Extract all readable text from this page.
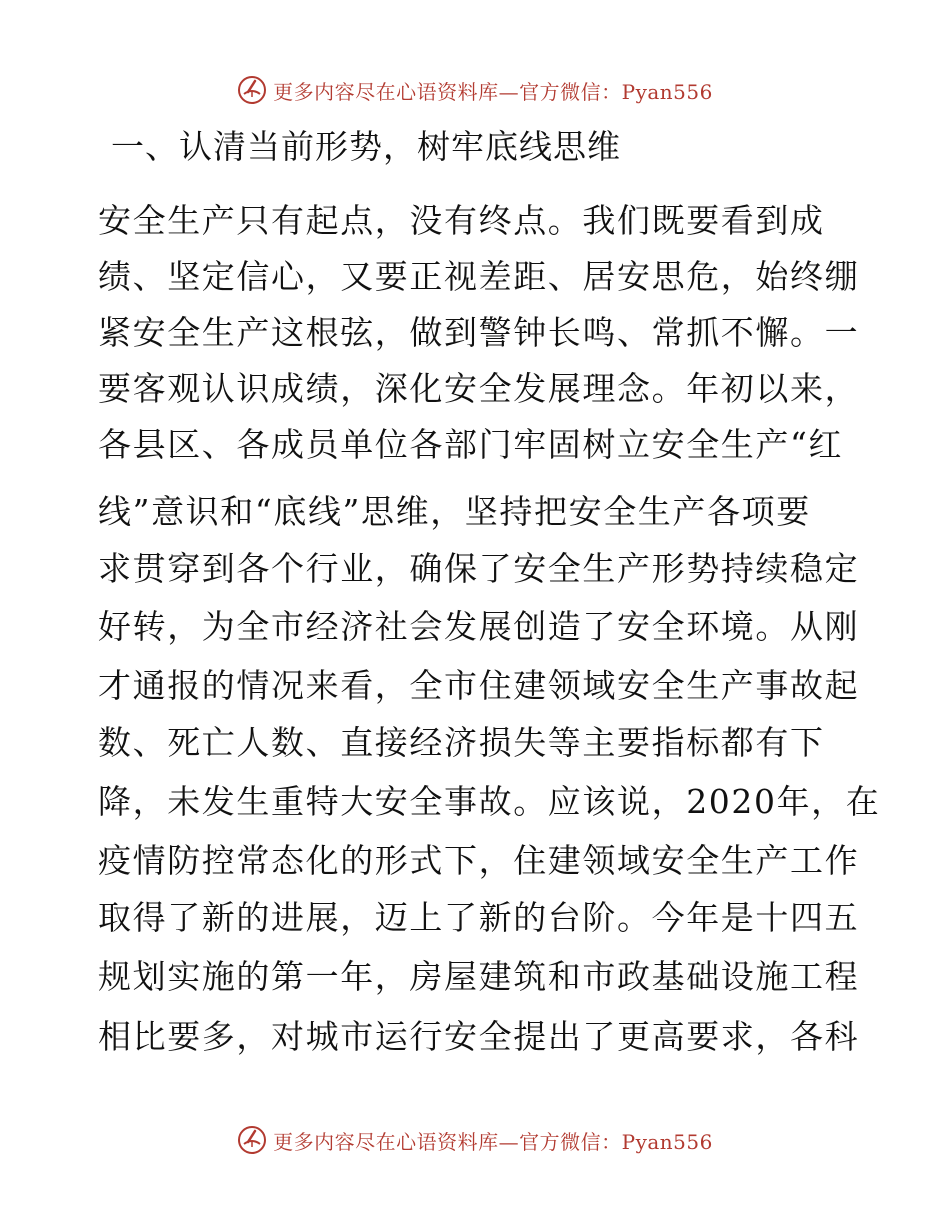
更多内容尽在心语资料库—官方微信：Pyan556
一、认清当前形势，树牢底线思维

安全生产只有起点，没有终点。我们既要看到成

绩、坚定信心，又要正视差距、居安思危，始终绷

紧安全生产这根弦，做到警钟长鸣、常抓不懈。一

要客观认识成绩，深化安全发展理念。年初以来，

各县区、各成员单位各部门牢固树立安全生产“红

线”意识和“底线”思维，坚持把安全生产各项要

求贯穿到各个行业，确保了安全生产形势持续稳定

好转，为全市经济社会发展创造了安全环境。从刚

才通报的情况来看，全市住建领域安全生产事故起

数、死亡人数、直接经济损失等主要指标都有下

降，未发生重特大安全事故。应该说，2020年，在

疫情防控常态化的形式下，住建领域安全生产工作

取得了新的进展，迈上了新的台阶。今年是十四五

规划实施的第一年，房屋建筑和市政基础设施工程

相比要多，对城市运行安全提出了更高要求，各科

更多内容尽在心语资料库—官方微信：Pyan556
